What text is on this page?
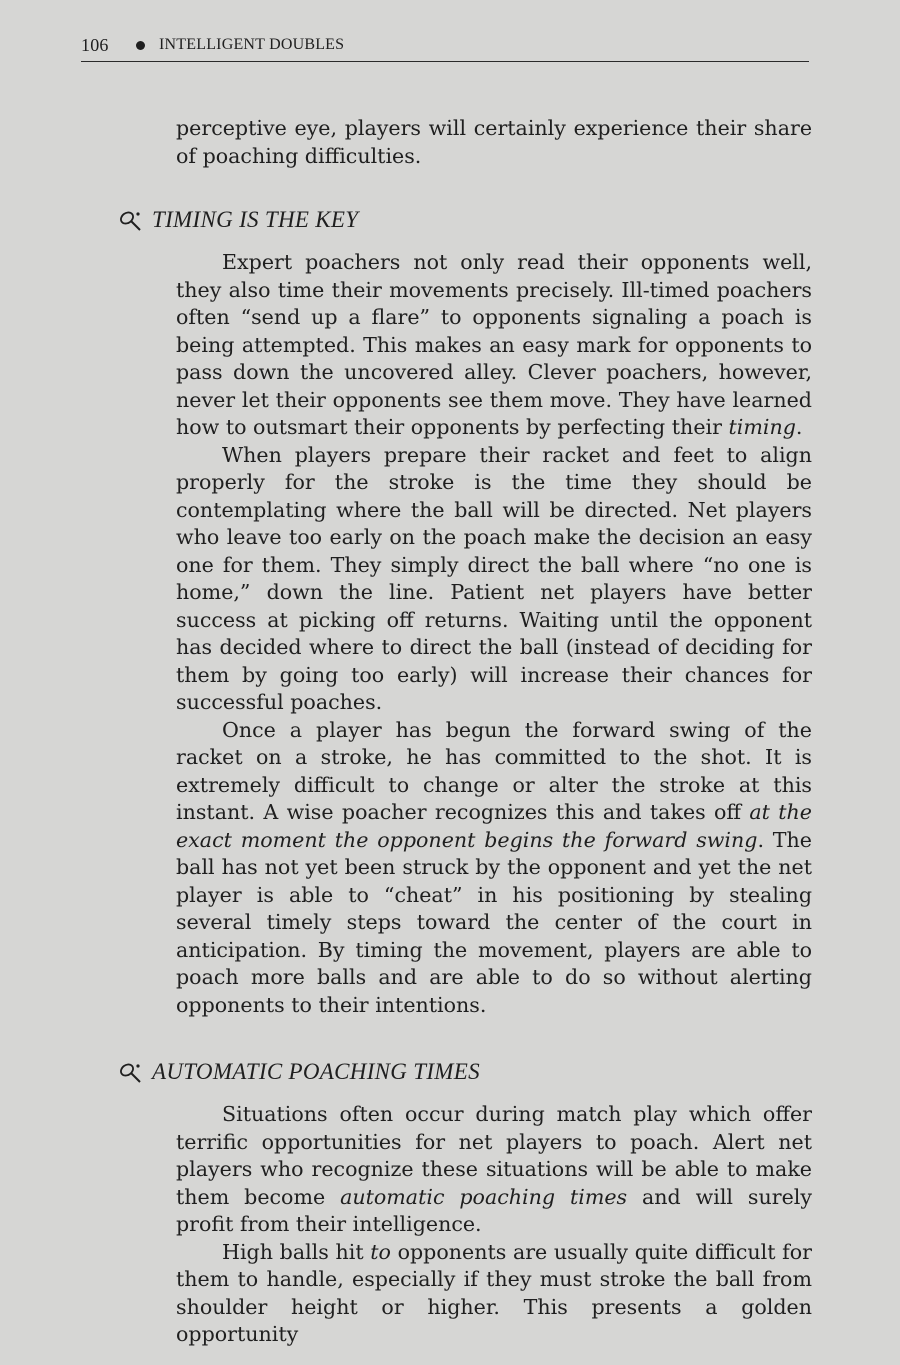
106	INTELLIGENT DOUBLES

perceptive eye, players will certainly experience their share of poaching difficulties.

TIMING IS THE KEY

Expert poachers not only read their opponents well, they also time their movements precisely. Ill-timed poachers often “send up a flare” to opponents signaling a poach is being attempted. This makes an easy mark for opponents to pass down the uncovered alley. Clever poachers, however, never let their opponents see them move. They have learned how to outsmart their opponents by perfecting their timing.

When players prepare their racket and feet to align properly for the stroke is the time they should be contemplating where the ball will be directed. Net players who leave too early on the poach make the decision an easy one for them. They simply direct the ball where “no one is home,” down the line. Patient net players have better success at picking off returns. Waiting until the opponent has decided where to direct the ball (instead of deciding for them by going too early) will increase their chances for successful poaches.

Once a player has begun the forward swing of the racket on a stroke, he has committed to the shot. It is extremely difficult to change or alter the stroke at this instant. A wise poacher recognizes this and takes off at the exact moment the opponent begins the forward swing. The ball has not yet been struck by the opponent and yet the net player is able to “cheat” in his positioning by stealing several timely steps toward the center of the court in anticipation. By timing the movement, players are able to poach more balls and are able to do so without alerting opponents to their intentions.

AUTOMATIC POACHING TIMES

Situations often occur during match play which offer terrific opportunities for net players to poach. Alert net players who recognize these situations will be able to make them become automatic poaching times and will surely profit from their intelligence.

High balls hit to opponents are usually quite difficult for them to handle, especially if they must stroke the ball from shoulder height or higher. This presents a golden opportunity
